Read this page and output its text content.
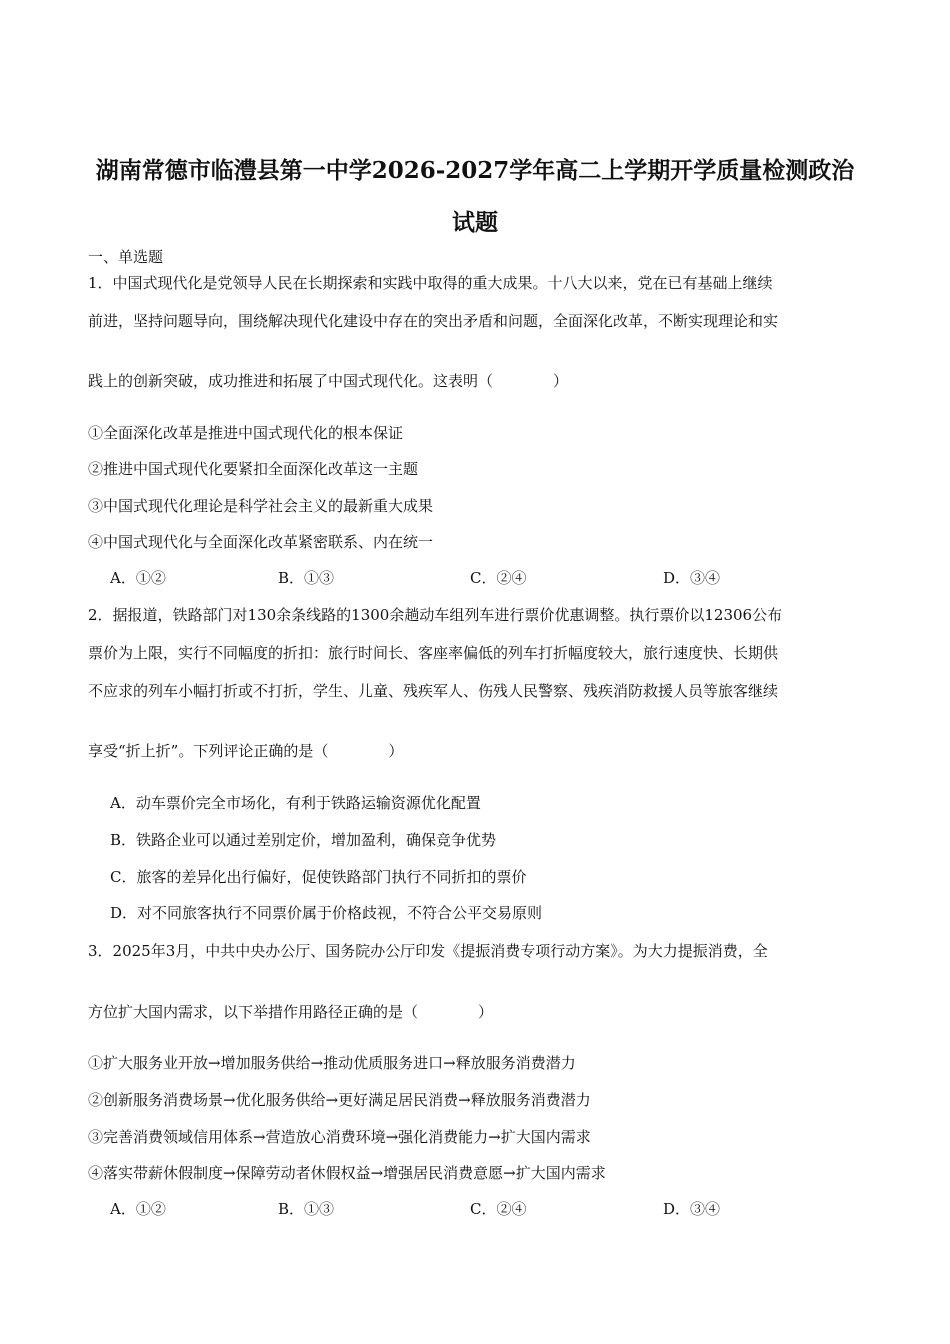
湖南常德市临澧县第一中学2026-2027学年高二上学期开学质量检测政治
试题
一、单选题
1．中国式现代化是党领导人民在长期探索和实践中取得的重大成果。十八大以来，党在已有基础上继续
前进，坚持问题导向，围绕解决现代化建设中存在的突出矛盾和问题，全面深化改革，不断实现理论和实
践上的创新突破，成功推进和拓展了中国式现代化。这表明（　　　　）
①全面深化改革是推进中国式现代化的根本保证
②推进中国式现代化要紧扣全面深化改革这一主题
③中国式现代化理论是科学社会主义的最新重大成果
④中国式现代化与全面深化改革紧密联系、内在统一
A．①②	B．①③	C．②④	D．③④
2．据报道，铁路部门对130余条线路的1300余趟动车组列车进行票价优惠调整。执行票价以12306公布
票价为上限，实行不同幅度的折扣：旅行时间长、客座率偏低的列车打折幅度较大，旅行速度快、长期供
不应求的列车小幅打折或不打折，学生、儿童、残疾军人、伤残人民警察、残疾消防救援人员等旅客继续
享受“折上折”。下列评论正确的是（　　　　）
A．动车票价完全市场化，有利于铁路运输资源优化配置
B．铁路企业可以通过差别定价，增加盈利，确保竞争优势
C．旅客的差异化出行偏好，促使铁路部门执行不同折扣的票价
D．对不同旅客执行不同票价属于价格歧视，不符合公平交易原则
3．2025年3月，中共中央办公厅、国务院办公厅印发《提振消费专项行动方案》。为大力提振消费，全
方位扩大国内需求，以下举措作用路径正确的是（　　　　）
①扩大服务业开放→增加服务供给→推动优质服务进口→释放服务消费潜力
②创新服务消费场景→优化服务供给→更好满足居民消费→释放服务消费潜力
③完善消费领域信用体系→营造放心消费环境→强化消费能力→扩大国内需求
④落实带薪休假制度→保障劳动者休假权益→增强居民消费意愿→扩大国内需求
A．①②	B．①③	C．②④	D．③④
